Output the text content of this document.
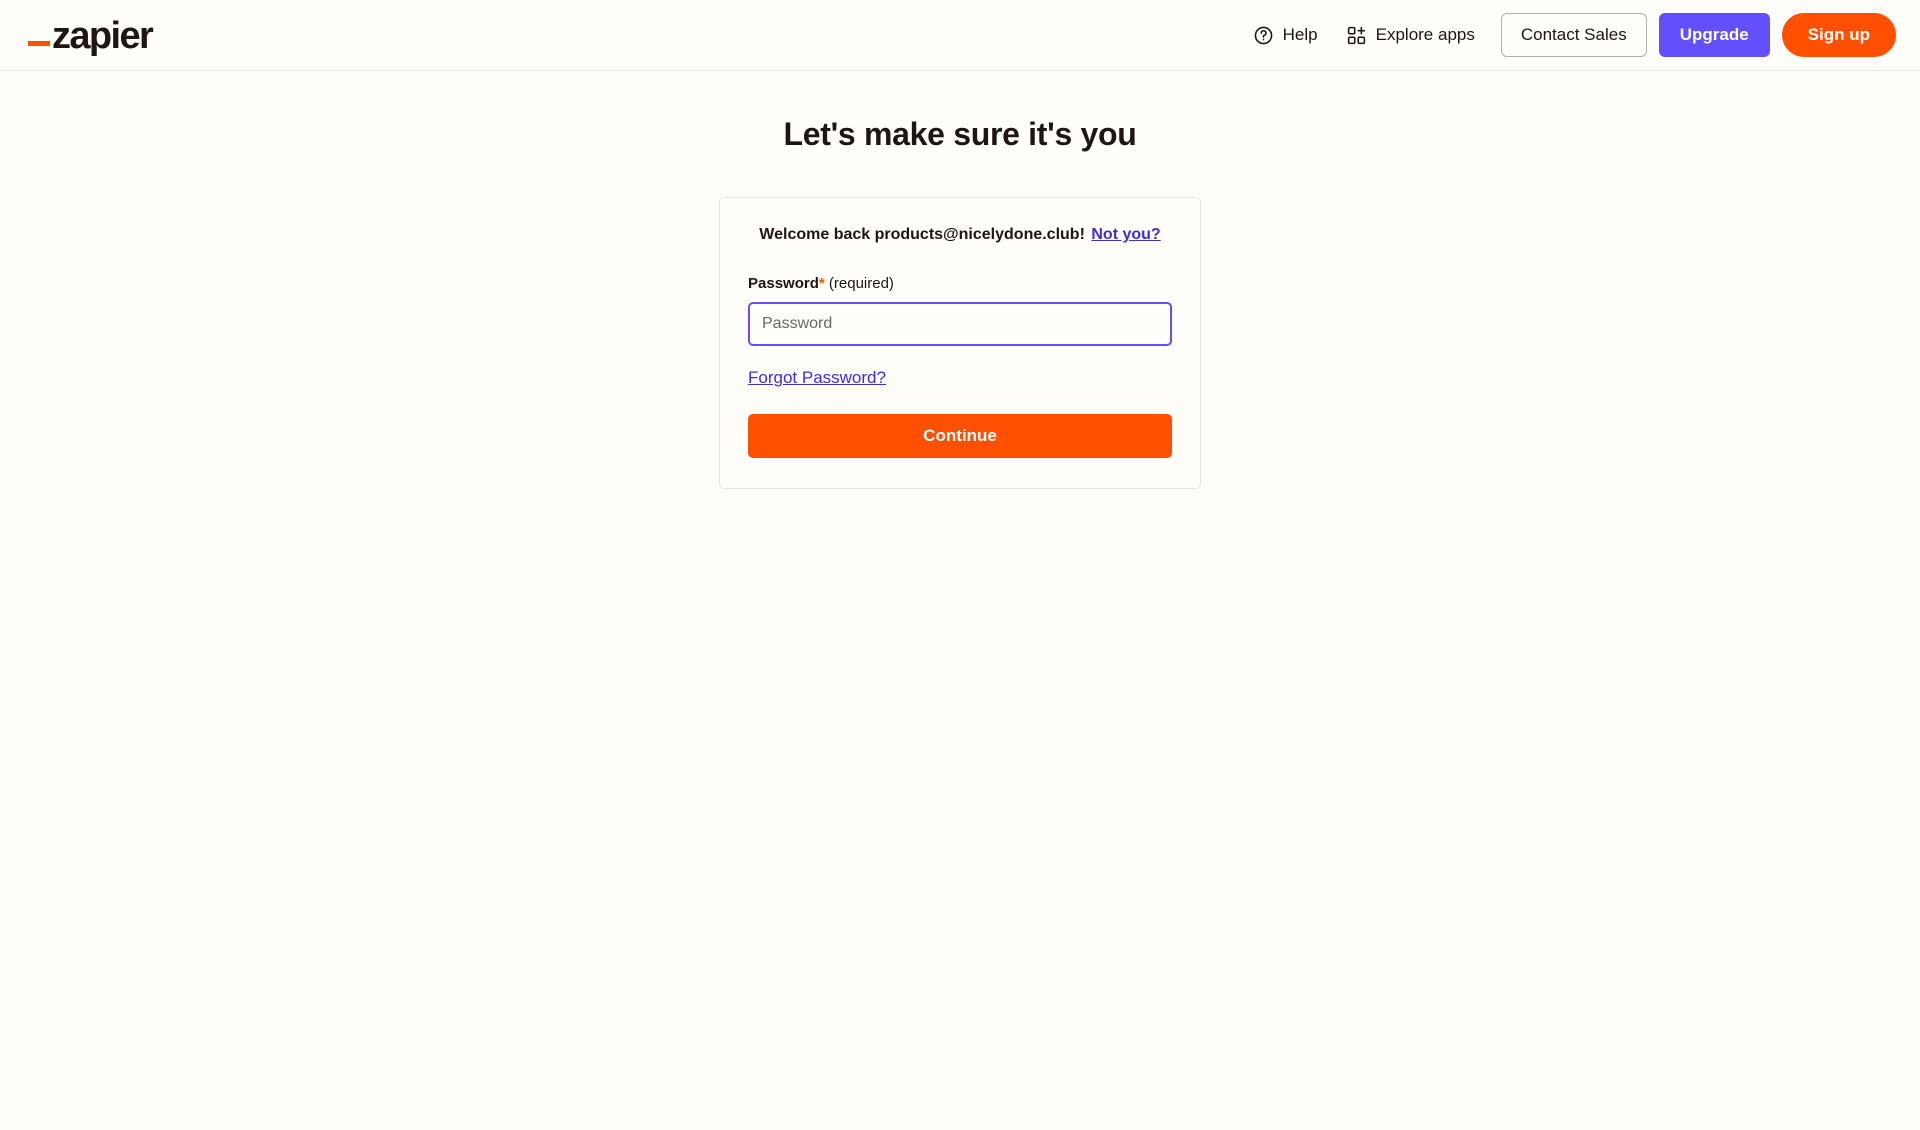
zapier	Help	Explore apps	Contact Sales	Upgrade	Sign up
Let's make sure it's you
Welcome back products@nicelydone.club! Not you?
Password* (required)
Forgot Password?
Continue
